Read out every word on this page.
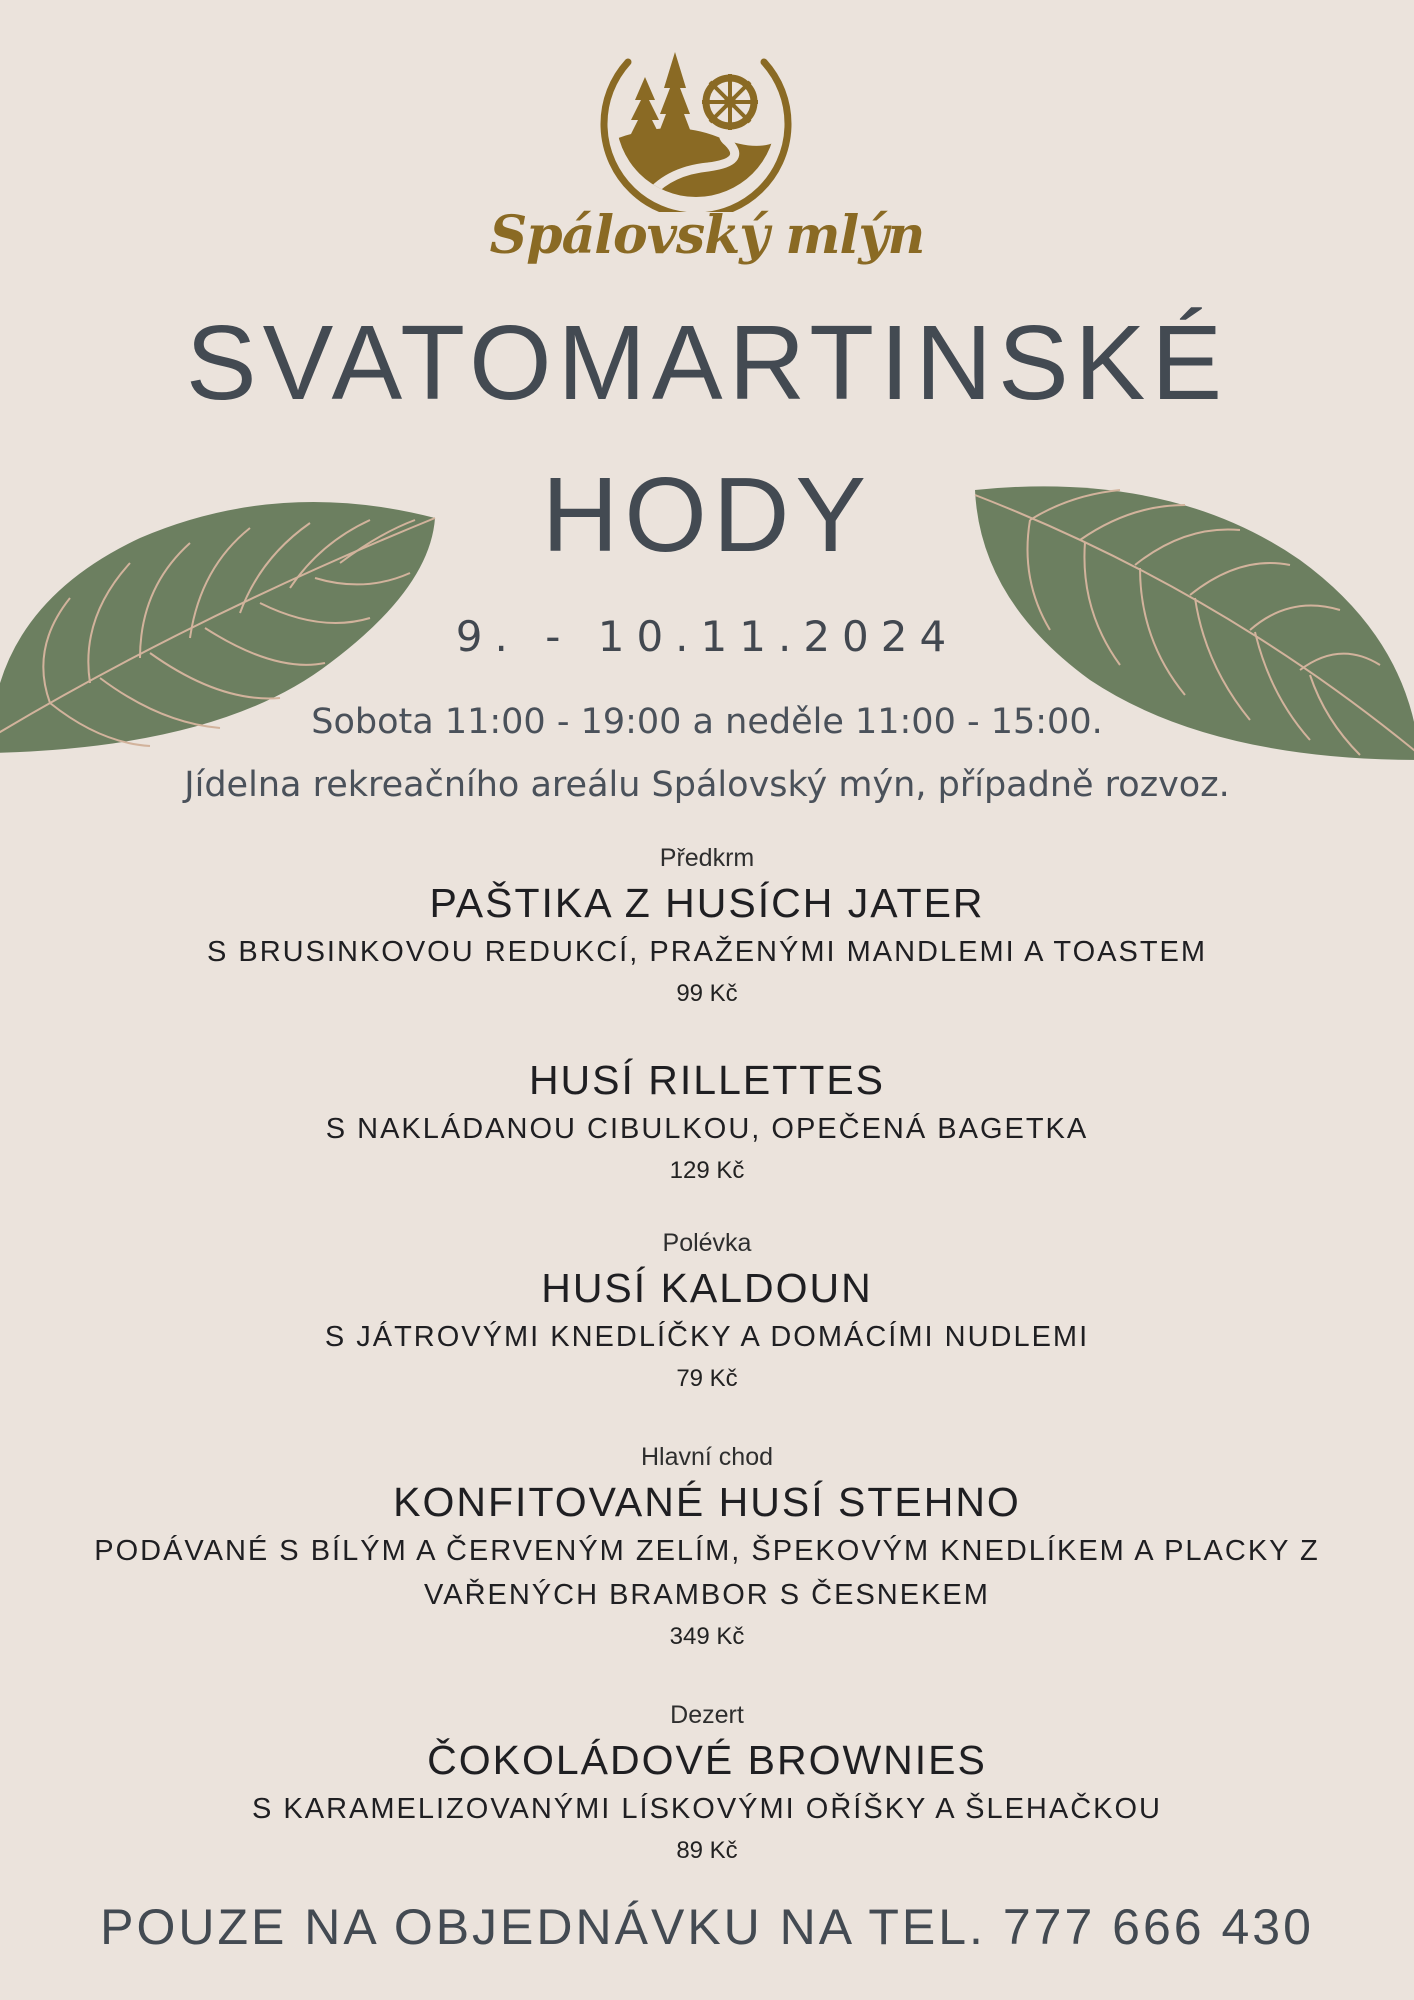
Spálovský mlýn
SVATOMARTINSKÉ
HODY
9. - 10.11.2024
Sobota 11:00 - 19:00 a neděle 11:00 - 15:00.
Jídelna rekreačního areálu Spálovský mýn, případně rozvoz.
Předkrm
PAŠTIKA Z HUSÍCH JATER
S BRUSINKOVOU REDUKCÍ, PRAŽENÝMI MANDLEMI A TOASTEM
99 Kč
HUSÍ RILLETTES
S NAKLÁDANOU CIBULKOU, OPEČENÁ BAGETKA
129 Kč
Polévka
HUSÍ KALDOUN
S JÁTROVÝMI KNEDLÍČKY A DOMÁCÍMI NUDLEMI
79 Kč
Hlavní chod
KONFITOVANÉ HUSÍ STEHNO
PODÁVANÉ S BÍLÝM A ČERVENÝM ZELÍM, ŠPEKOVÝM KNEDLÍKEM A PLACKY Z VAŘENÝCH BRAMBOR S ČESNEKEM
349 Kč
Dezert
ČOKOLÁDOVÉ BROWNIES
S KARAMELIZOVANÝMI LÍSKOVÝMI OŘÍŠKY A ŠLEHAČKOU
89 Kč
POUZE NA OBJEDNÁVKU NA TEL. 777 666 430
